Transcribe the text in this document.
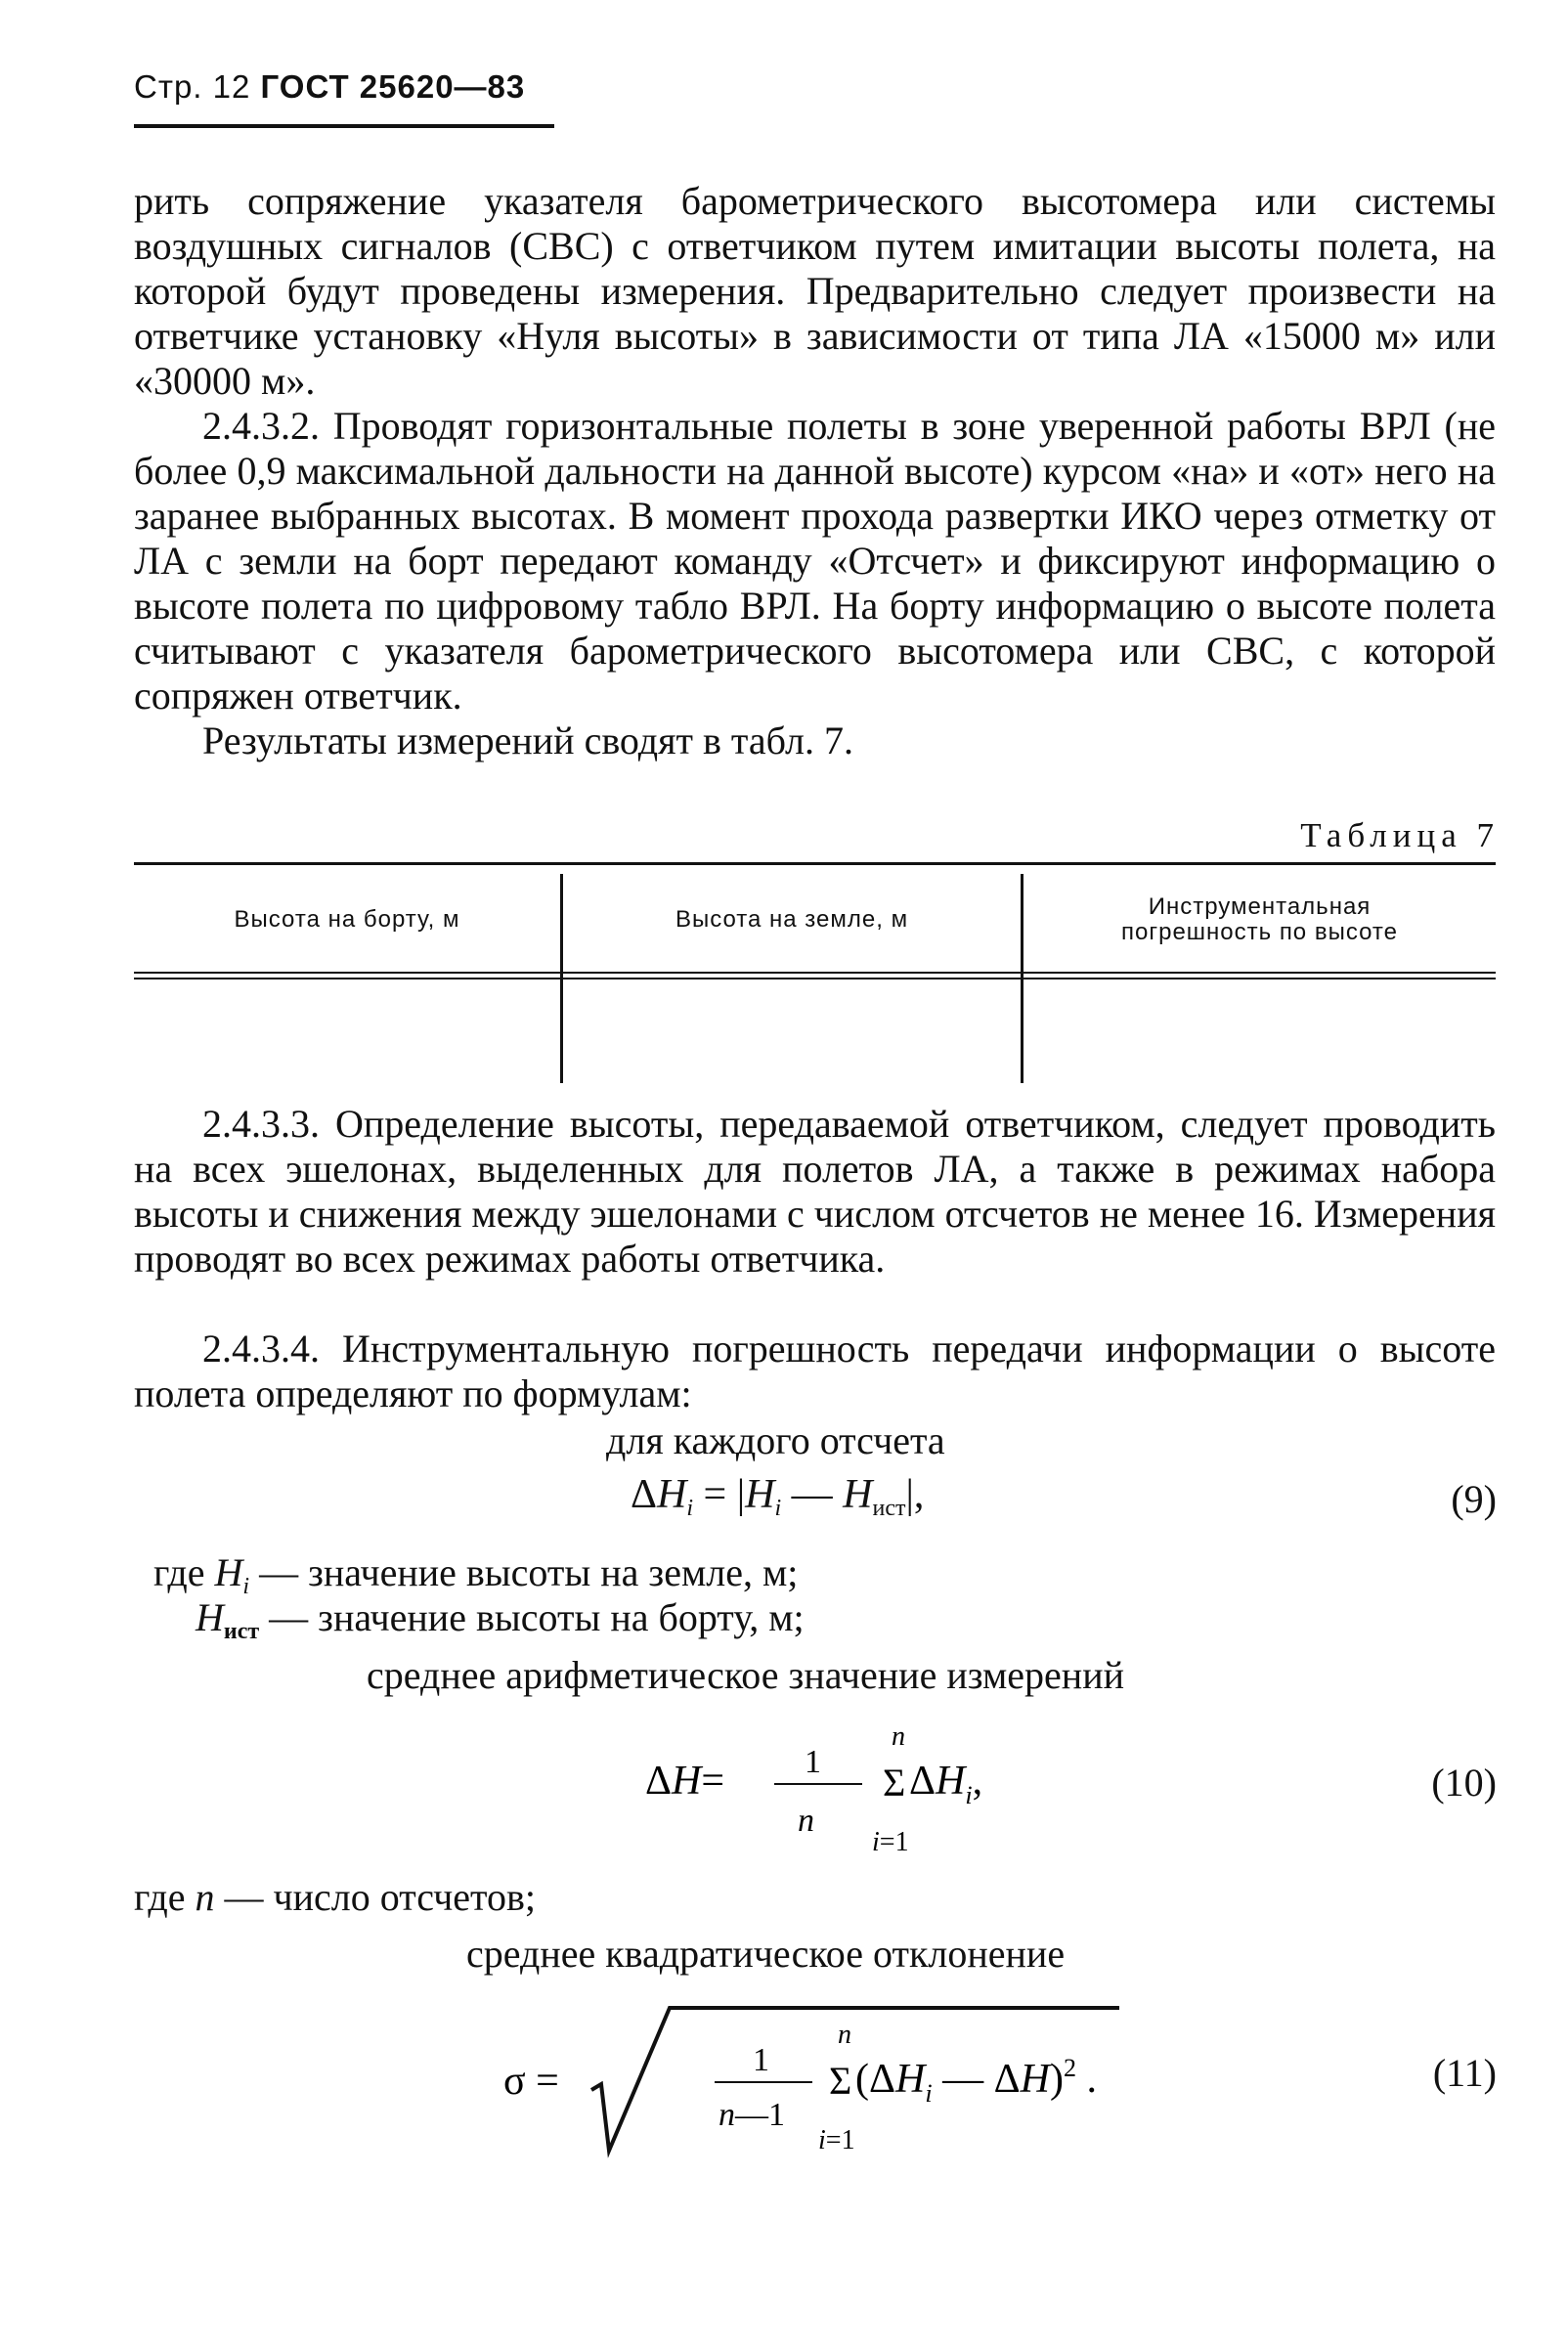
Стр. 12 ГОСТ 25620—83

рить сопряжение указателя барометрического высотомера или системы воздушных сигналов (СВС) с ответчиком путем имитации высоты полета, на которой будут проведены измерения. Предварительно следует произвести на ответчике установку «Нуля высоты» в зависимости от типа ЛА «15000 м» или «30000 м».

2.4.3.2. Проводят горизонтальные полеты в зоне уверенной работы ВРЛ (не более 0,9 максимальной дальности на данной высоте) курсом «на» и «от» него на заранее выбранных высотах. В момент прохода развертки ИКО через отметку от ЛА с земли на борт передают команду «Отсчет» и фиксируют информацию о высоте полета по цифровому табло ВРЛ. На борту информацию о высоте полета считывают с указателя барометрического высотомера или СВС, с которой сопряжен ответчик.

Результаты измерений сводят в табл. 7.

Таблица 7
Высота на борту, м	Высота на земле, м	Инструментальная погрешность по высоте

2.4.3.3. Определение высоты, передаваемой ответчиком, следует проводить на всех эшелонах, выделенных для полетов ЛА, а также в режимах набора высоты и снижения между эшелонами с числом отсчетов не менее 16. Измерения проводят во всех режимах работы ответчика.

2.4.3.4. Инструментальную погрешность передачи информации о высоте полета определяют по формулам:

для каждого отсчета
$\Delta H_i = |H_i$ — $H_{ист}|$,	(9)
где $H_i$ — значение высоты на земле, м;
$H_{ист}$ — значение высоты на борту, м;
среднее арифметическое значение измерений
ΔH= 1
n
n
Σ $\Delta H_i$,
i=1
(10)
где n — число отсчетов;
среднее квадратическое отклонение
σ =	1
n—1
n
Σ ($\Delta H_i$ — ΔH)$^2$ .
i=1
(11)
